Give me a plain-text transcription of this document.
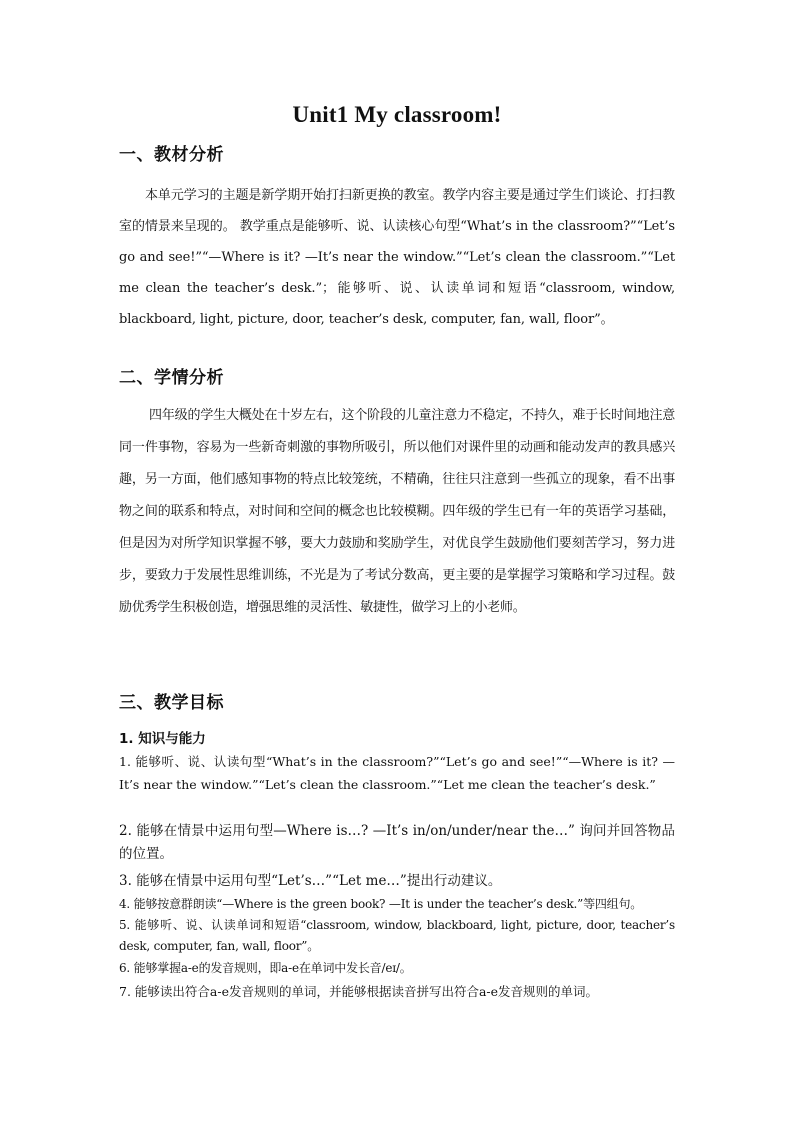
Unit1 My classroom!
一、教材分析

本单元学习的主题是新学期开始打扫新更换的教室。教学内容主要是通过学生们谈论、打扫教室的情景来呈现的。 教学重点是能够听、说、认读核心句型“What’s in the classroom?”“Let’s go and see!”“—Where is it? —It’s near the window.”“Let’s clean the classroom.”“Let me clean the teacher’s desk.”；能够听、说、认读单词和短语“classroom, window, blackboard, light, picture, door, teacher’s desk, computer, fan, wall, floor”。

二、学情分析

四年级的学生大概处在十岁左右，这个阶段的儿童注意力不稳定，不持久，难于长时间地注意同一件事物，容易为一些新奇刺激的事物所吸引，所以他们对课件里的动画和能动发声的教具感兴趣，另一方面，他们感知事物的特点比较笼统，不精确，往往只注意到一些孤立的现象，看不出事物之间的联系和特点，对时间和空间的概念也比较模糊。四年级的学生已有一年的英语学习基础，但是因为对所学知识掌握不够，要大力鼓励和奖励学生，对优良学生鼓励他们要刻苦学习，努力进步，要致力于发展性思维训练，不光是为了考试分数高，更主要的是掌握学习策略和学习过程。鼓励优秀学生积极创造，增强思维的灵活性、敏捷性，做学习上的小老师。

三、教学目标
1. 知识与能力

1. 能够听、说、认读句型“What’s in the classroom?”“Let’s go and see!”“—Where is it? —It’s near the window.”“Let’s clean the classroom.”“Let me clean the teacher’s desk.”

2. 能够在情景中运用句型—Where is…? —It’s in/on/under/near the…” 询问并回答物品的位置。

3. 能够在情景中运用句型“Let’s…”“Let me…”提出行动建议。

4. 能够按意群朗读“—Where is the green book? —It is under the teacher’s desk.”等四组句。

5. 能够听、说、认读单词和短语“classroom, window, blackboard, light, picture, door, teacher’s desk, computer, fan, wall, floor”。

6. 能够掌握a-e的发音规则，即a-e在单词中发长音/eɪ/。

7. 能够读出符合a-e发音规则的单词，并能够根据读音拼写出符合a-e发音规则的单词。
